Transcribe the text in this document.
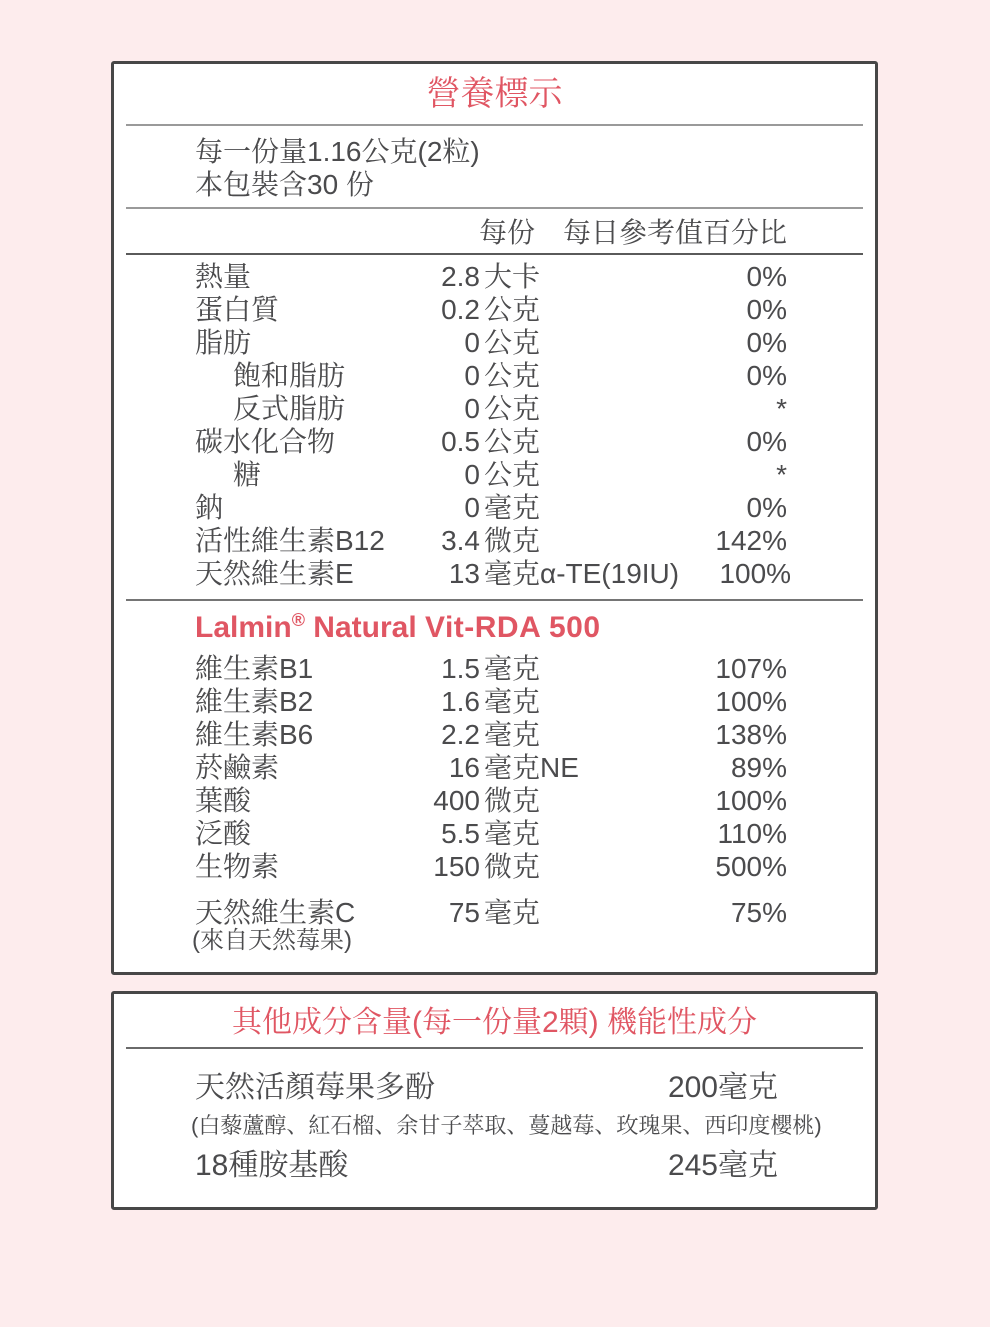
營養標示
每一份量1.16公克(2粒)
本包裝含30 份
每份　每日參考值百分比
熱量	2.8 大卡	0%
蛋白質	0.2 公克	0%
脂肪	0 公克	0%
飽和脂肪	0 公克	0%
反式脂肪	0 公克	*
碳水化合物	0.5 公克	0%
糖	0 公克	*
鈉	0 毫克	0%
活性維生素B12	3.4 微克	142%
天然維生素E	13 毫克α-TE(19IU)	100%
Lalmin® Natural Vit-RDA 500
維生素B1	1.5 毫克	107%
維生素B2	1.6 毫克	100%
維生素B6	2.2 毫克	138%
菸鹼素	16 毫克NE	89%
葉酸	400 微克	100%
泛酸	5.5 毫克	110%
生物素	150 微克	500%
天然維生素C	75 毫克	75%
(來自天然莓果)
其他成分含量(每一份量2顆) 機能性成分
天然活顏莓果多酚	200毫克
(白藜蘆醇、紅石榴、余甘子萃取、蔓越莓、玫瑰果、西印度櫻桃)
18種胺基酸	245毫克
